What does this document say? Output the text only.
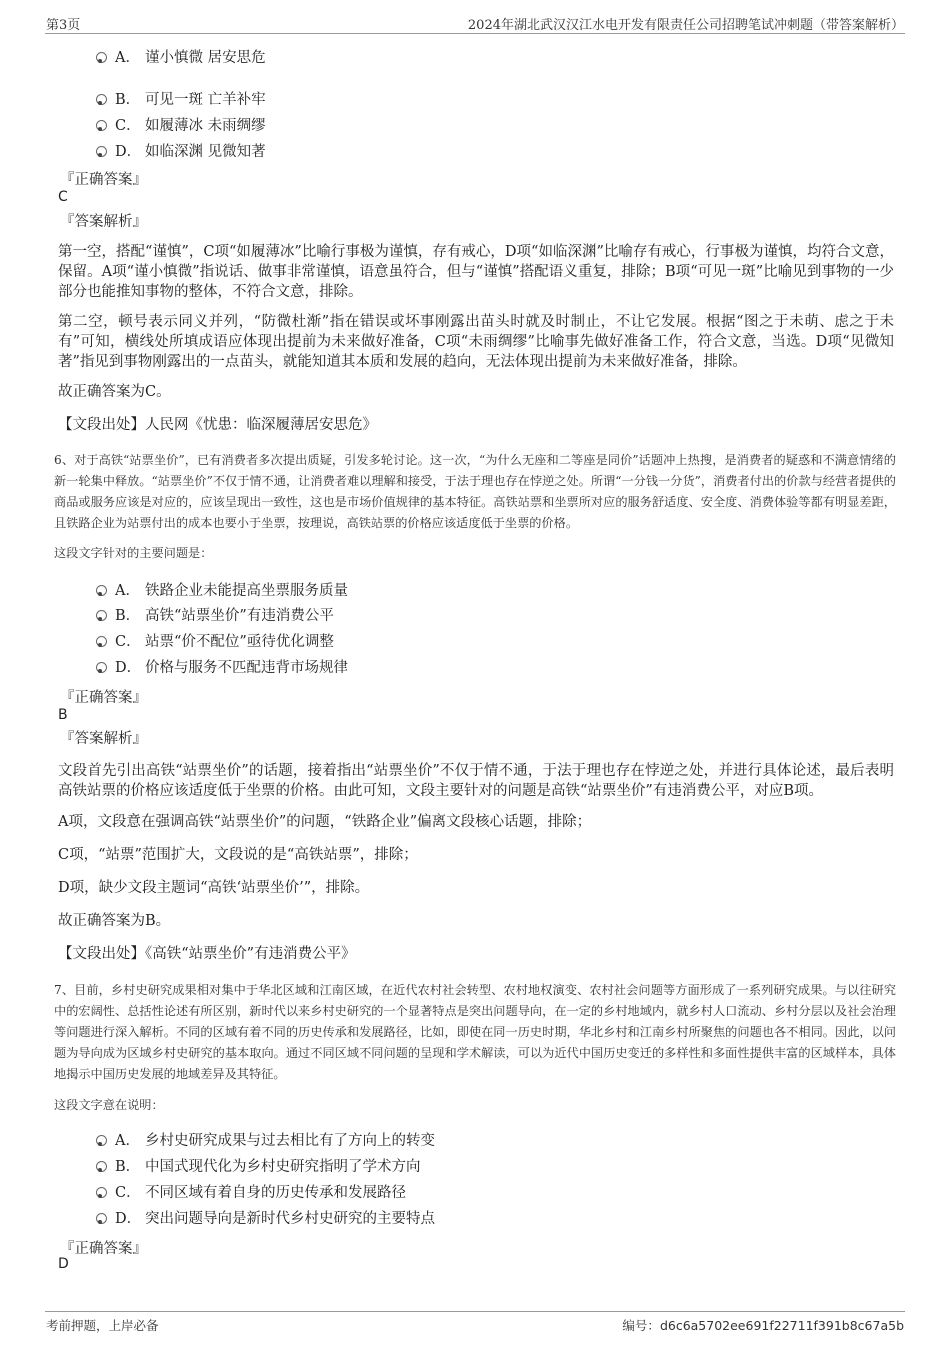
第3页	2024年湖北武汉汉江水电开发有限责任公司招聘笔试冲刺题（带答案解析）
A． 谨小慎微 居安思危
B． 可见一斑 亡羊补牢
C． 如履薄冰 未雨绸缪
D． 如临深渊 见微知著
『正确答案』
C
『答案解析』
第一空，搭配“谨慎”，C项“如履薄冰”比喻行事极为谨慎，存有戒心，D项“如临深渊”比喻存有戒心，行事极为谨慎，均符合文意，保留。A项“谨小慎微”指说话、做事非常谨慎，语意虽符合，但与“谨慎”搭配语义重复，排除；B项“可见一斑”比喻见到事物的一少部分也能推知事物的整体，不符合文意，排除。
第二空，顿号表示同义并列，“防微杜渐”指在错误或坏事刚露出苗头时就及时制止，不让它发展。根据“图之于未萌、虑之于未有”可知，横线处所填成语应体现出提前为未来做好准备，C项“未雨绸缪”比喻事先做好准备工作，符合文意，当选。D项“见微知著”指见到事物刚露出的一点苗头，就能知道其本质和发展的趋向，无法体现出提前为未来做好准备，排除。
故正确答案为C。
【文段出处】人民网《忧患：临深履薄居安思危》
6、对于高铁“站票坐价”，已有消费者多次提出质疑，引发多轮讨论。这一次，“为什么无座和二等座是同价”话题冲上热搜，是消费者的疑惑和不满意情绪的新一轮集中释放。“站票坐价”不仅于情不通，让消费者难以理解和接受，于法于理也存在悖逆之处。所谓“一分钱一分货”，消费者付出的价款与经营者提供的商品或服务应该是对应的，应该呈现出一致性，这也是市场价值规律的基本特征。高铁站票和坐票所对应的服务舒适度、安全度、消费体验等都有明显差距，且铁路企业为站票付出的成本也要小于坐票，按理说，高铁站票的价格应该适度低于坐票的价格。
这段文字针对的主要问题是：
A． 铁路企业未能提高坐票服务质量
B． 高铁“站票坐价”有违消费公平
C． 站票“价不配位”亟待优化调整
D． 价格与服务不匹配违背市场规律
『正确答案』
B
『答案解析』
文段首先引出高铁“站票坐价”的话题，接着指出“站票坐价”不仅于情不通，于法于理也存在悖逆之处，并进行具体论述，最后表明高铁站票的价格应该适度低于坐票的价格。由此可知，文段主要针对的问题是高铁“站票坐价”有违消费公平，对应B项。
A项，文段意在强调高铁“站票坐价”的问题，“铁路企业”偏离文段核心话题，排除；
C项，“站票”范围扩大，文段说的是“高铁站票”，排除；
D项，缺少文段主题词“高铁‘站票坐价’”，排除。
故正确答案为B。
【文段出处】《高铁“站票坐价”有违消费公平》
7、目前，乡村史研究成果相对集中于华北区域和江南区域，在近代农村社会转型、农村地权演变、农村社会问题等方面形成了一系列研究成果。与以往研究中的宏阔性、总括性论述有所区别，新时代以来乡村史研究的一个显著特点是突出问题导向，在一定的乡村地域内，就乡村人口流动、乡村分层以及社会治理等问题进行深入解析。不同的区域有着不同的历史传承和发展路径，比如，即使在同一历史时期，华北乡村和江南乡村所聚焦的问题也各不相同。因此，以问题为导向成为区域乡村史研究的基本取向。通过不同区域不同问题的呈现和学术解读，可以为近代中国历史变迁的多样性和多面性提供丰富的区域样本，具体地揭示中国历史发展的地域差异及其特征。
这段文字意在说明：
A． 乡村史研究成果与过去相比有了方向上的转变
B． 中国式现代化为乡村史研究指明了学术方向
C． 不同区域有着自身的历史传承和发展路径
D． 突出问题导向是新时代乡村史研究的主要特点
『正确答案』
D
考前押题，上岸必备	编号：d6c6a5702ee691f22711f391b8c67a5b
